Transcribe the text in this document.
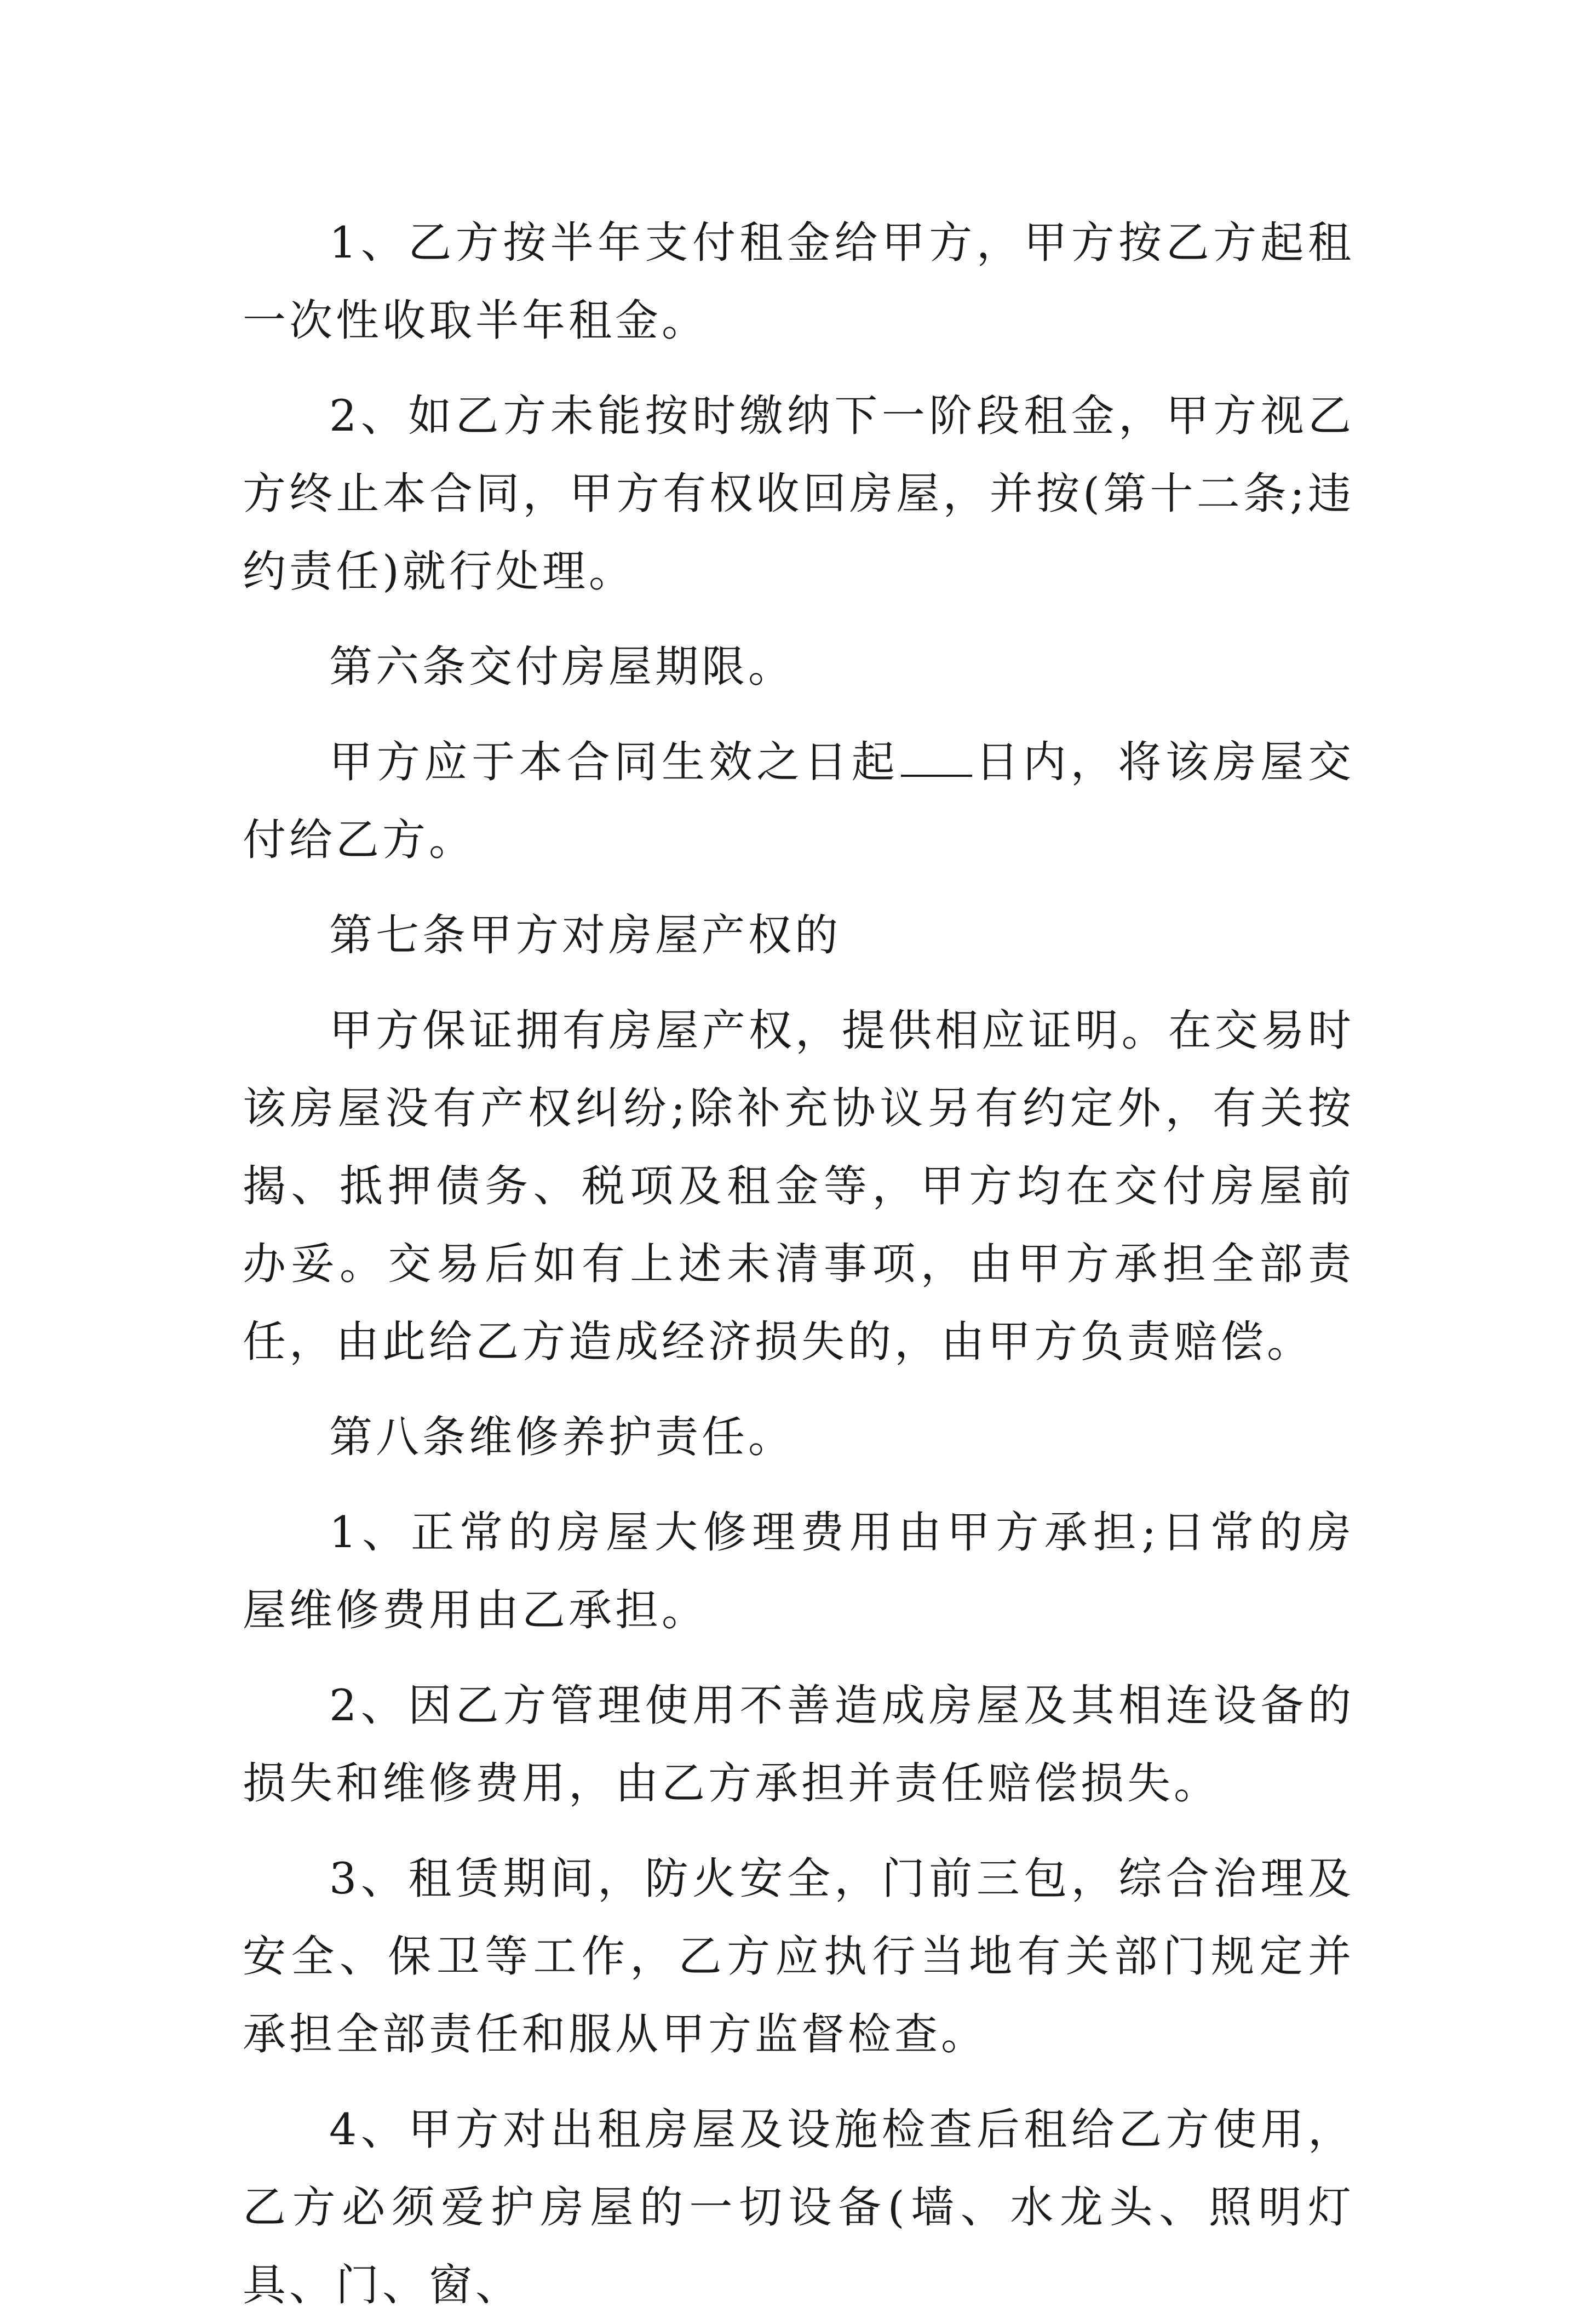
1、乙方按半年支付租金给甲方，甲方按乙方起租一次性收取半年租金。

2、如乙方未能按时缴纳下一阶段租金，甲方视乙方终止本合同，甲方有权收回房屋，并按(第十二条;违约责任)就行处理。

第六条交付房屋期限。

甲方应于本合同生效之日起 日内，将该房屋交付给乙方。

第七条甲方对房屋产权的

甲方保证拥有房屋产权，提供相应证明。在交易时该房屋没有产权纠纷;除补充协议另有约定外，有关按揭、抵押债务、税项及租金等，甲方均在交付房屋前办妥。交易后如有上述未清事项，由甲方承担全部责任，由此给乙方造成经济损失的，由甲方负责赔偿。

第八条维修养护责任。

1、正常的房屋大修理费用由甲方承担;日常的房屋维修费用由乙承担。

2、因乙方管理使用不善造成房屋及其相连设备的损失和维修费用，由乙方承担并责任赔偿损失。

3、租赁期间，防火安全，门前三包，综合治理及安全、保卫等工作，乙方应执行当地有关部门规定并承担全部责任和服从甲方监督检查。

4、甲方对出租房屋及设施检查后租给乙方使用，乙方必须爱护房屋的一切设备(墙、水龙头、照明灯具、门、窗、
